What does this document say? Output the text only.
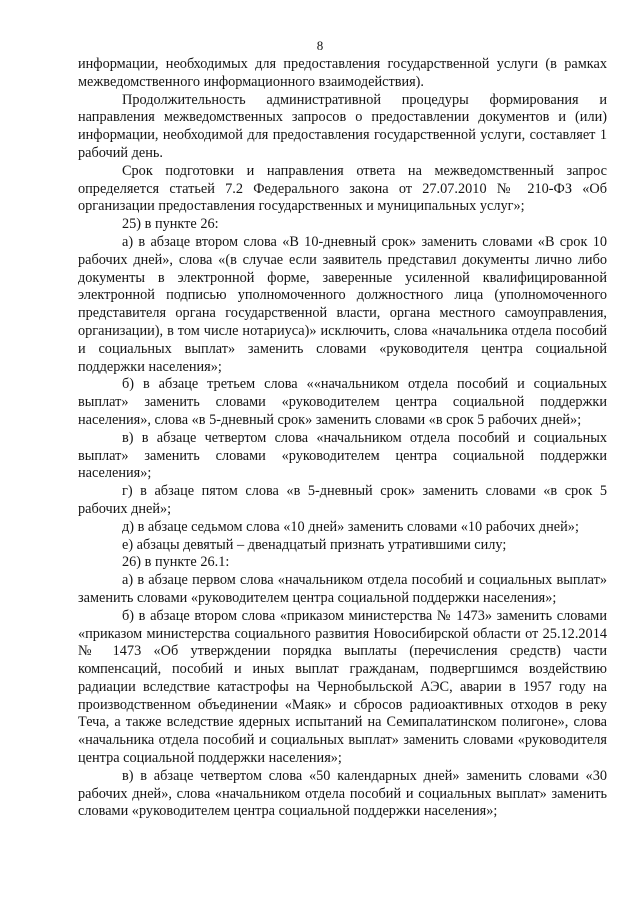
8

информации, необходимых для предоставления государственной услуги (в рамках межведомственного информационного взаимодействия).

Продолжительность административной процедуры формирования и направления межведомственных запросов о предоставлении документов и (или) информации, необходимой для предоставления государственной услуги, составляет 1 рабочий день.

Срок подготовки и направления ответа на межведомственный запрос определяется статьей 7.2 Федерального закона от 27.07.2010 № 210-ФЗ «Об организации предоставления государственных и муниципальных услуг»;

25) в пункте 26:

а) в абзаце втором слова «В 10-дневный срок» заменить словами «В срок 10 рабочих дней», слова «(в случае если заявитель представил документы лично либо документы в электронной форме, заверенные усиленной квалифицированной электронной подписью уполномоченного должностного лица (уполномоченного представителя органа государственной власти, органа местного самоуправления, организации), в том числе нотариуса)» исключить, слова «начальника отдела пособий и социальных выплат» заменить словами «руководителя центра социальной поддержки населения»;

б) в абзаце третьем слова ««начальником отдела пособий и социальных выплат» заменить словами «руководителем центра социальной поддержки населения», слова «в 5-дневный срок» заменить словами «в срок 5 рабочих дней»;

в) в абзаце четвертом слова «начальником отдела пособий и социальных выплат» заменить словами «руководителем центра социальной поддержки населения»;

г) в абзаце пятом слова «в 5-дневный срок» заменить словами «в срок 5 рабочих дней»;

д) в абзаце седьмом слова «10 дней» заменить словами «10 рабочих дней»;

е) абзацы девятый – двенадцатый признать утратившими силу;

26) в пункте 26.1:

а) в абзаце первом слова «начальником отдела пособий и социальных выплат» заменить словами «руководителем центра социальной поддержки населения»;

б) в абзаце втором слова «приказом министерства № 1473» заменить словами «приказом министерства социального развития Новосибирской области от 25.12.2014 № 1473 «Об утверждении порядка выплаты (перечисления средств) части компенсаций, пособий и иных выплат гражданам, подвергшимся воздействию радиации вследствие катастрофы на Чернобыльской АЭС, аварии в 1957 году на производственном объединении «Маяк» и сбросов радиоактивных отходов в реку Теча, а также вследствие ядерных испытаний на Семипалатинском полигоне», слова «начальника отдела пособий и социальных выплат» заменить словами «руководителя центра социальной поддержки населения»;

в) в абзаце четвертом слова «50 календарных дней» заменить словами «30 рабочих дней», слова «начальником отдела пособий и социальных выплат» заменить словами «руководителем центра социальной поддержки населения»;
